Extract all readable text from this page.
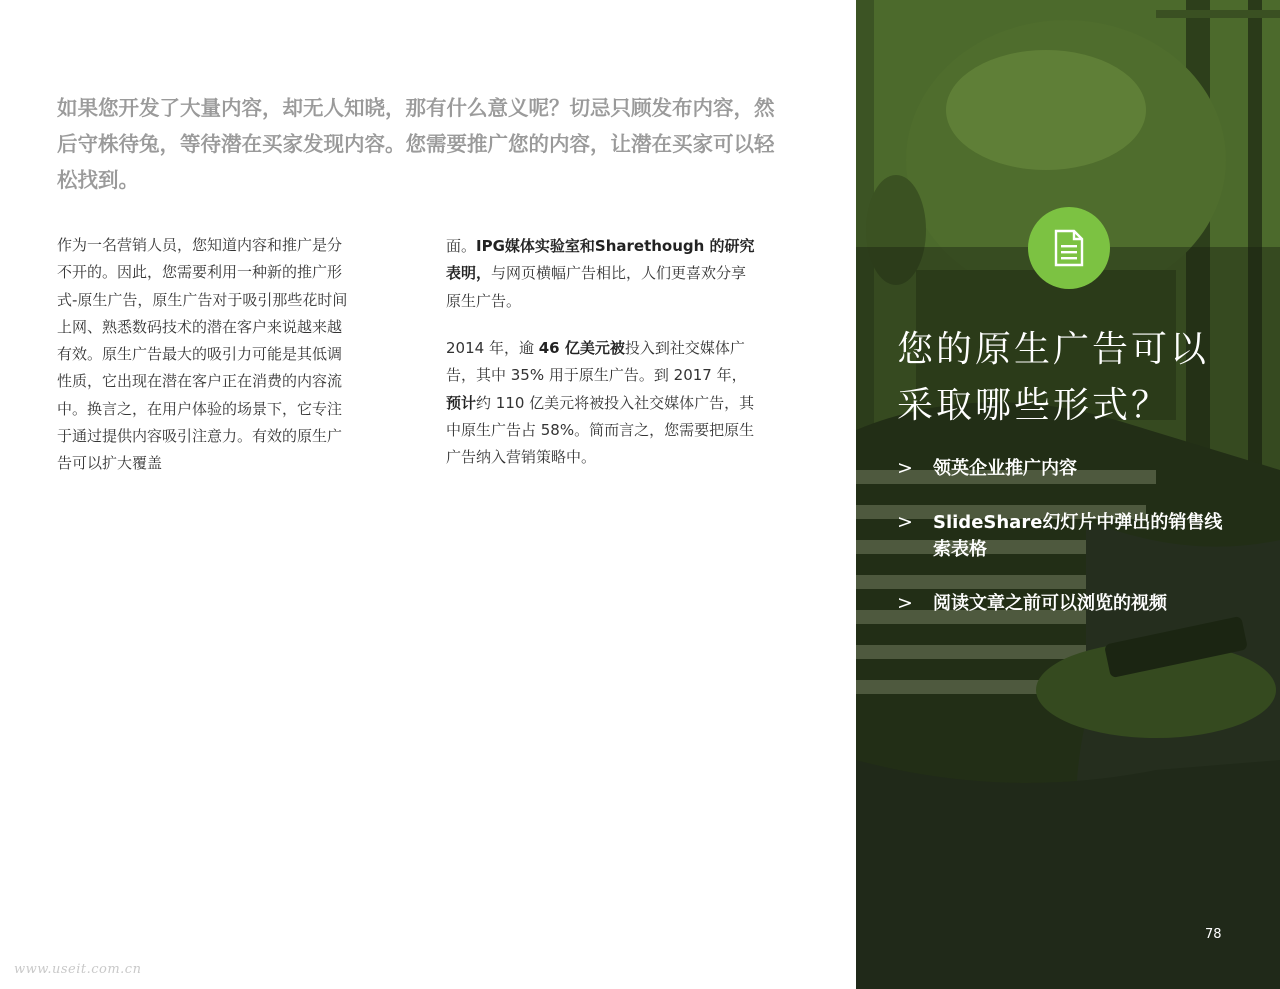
如果您开发了大量内容，却无人知晓，那有什么意义呢？切忌只顾发布内容，然后守株待兔，等待潜在买家发现内容。您需要推广您的内容，让潜在买家可以轻松找到。

作为一名营销人员，您知道内容和推广是分不开的。因此，您需要利用一种新的推广形式-原生广告，原生广告对于吸引那些花时间上网、熟悉数码技术的潜在客户来说越来越有效。原生广告最大的吸引力可能是其低调性质，它出现在潜在客户正在消费的内容流中。换言之，在用户体验的场景下，它专注于通过提供内容吸引注意力。有效的原生广告可以扩大覆盖

面。IPG媒体实验室和Sharethough 的研究表明，与网页横幅广告相比，人们更喜欢分享原生广告。

2014 年，逾 46 亿美元被投入到社交媒体广告，其中 35% 用于原生广告。到 2017 年，预计约 110 亿美元将被投入社交媒体广告，其中原生广告占 58%。简而言之，您需要把原生广告纳入营销策略中。

www.useit.com.cn
您的原生广告可以采取哪些形式？
> 领英企业推广内容
> SlideShare幻灯片中弹出的销售线索表格
> 阅读文章之前可以浏览的视频
78
